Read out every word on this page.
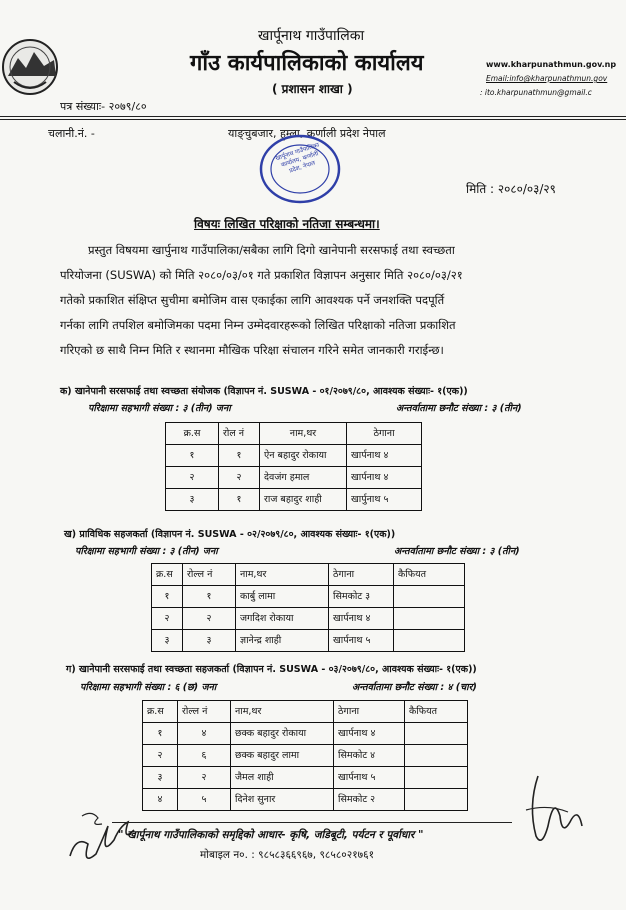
खार्पूनाथ गाउँपालिका
गाँउ कार्यपालिकाको कार्यालय
( प्रशासन शाखा )
www.kharpunathmun.gov.np
Email:info@kharpunathmun.gov
: ito.kharpunathmun@gmail.c
पत्र संख्याः- २०७९/८०
चलानी.नं. -	याङ्चुबजार, हुम्ला, कर्णाली प्रदेश नेपाल
खार्पूनाथ गाउँपालिका कार्यालय, कर्णाली प्रदेश, नेपाल
मिति : २०८०/०३/२९
विषयः लिखित परिक्षाको नतिजा सम्बन्धमा।
प्रस्तुत विषयमा खार्पुनाथ गाउँपालिका/सबैका लागि दिगो खानेपानी सरसफाई तथा स्वच्छता
परियोजना (SUSWA) को मिति २०८०/०३/०१ गते प्रकाशित विज्ञापन अनुसार मिति २०८०/०३/२१
गतेको प्रकाशित संक्षिप्त सुचीमा बमोजिम वास एकाईका लागि आवश्यक पर्ने जनशक्ति पदपूर्ति
गर्नका लागि तपशिल बमोजिमका पदमा निम्न उम्मेदवारहरूको लिखित परिक्षाको नतिजा प्रकाशित
गरिएको छ साथै निम्न मिति र स्थानमा मौखिक परिक्षा संचालन गरिने समेत जानकारी गराईन्छ।
क) खानेपानी सरसफाई तथा स्वच्छता संयोजक (विज्ञापन नं. SUSWA - ०१/२०७९/८०, आवश्यक संख्याः- १(एक))
परिक्षामा सहभागी संख्या : ३ (तीन) जना	अन्तर्वातामा छनौट संख्या : ३ (तीन)
क्र.स	रोल नं	नाम,थर	ठेगाना
१	१	ऐन बहादुर रोकाया	खार्पनाथ ४
२	२	देवजंग हमाल	खार्पनाथ ४
३	१	राज बहादुर शाही	खार्पुनाथ ५
ख) प्राविधिक सहजकर्ता (विज्ञापन नं. SUSWA - ०२/२०७९/८०, आवश्यक संख्याः- १(एक))
परिक्षामा सहभागी संख्या : ३ (तीन) जना	अन्तर्वातामा छनौट संख्या : ३ (तीन)
क्र.स	रोल्ल नं	नाम,थर	ठेगाना	कैफियत
१	१	कार्बु लामा	सिमकोट ३	
२	२	जगदिश रोकाया	खार्पनाथ ४	
३	३	ज्ञानेन्द्र शाही	खार्पनाथ ५	
ग) खानेपानी सरसफाई तथा स्वच्छता सहजकर्ता (विज्ञापन नं. SUSWA - ०३/२०७९/८०, आवश्यक संख्याः- १(एक))
परिक्षामा सहभागी संख्या : ६ (छ) जना	अन्तर्वातामा छनौट संख्या : ४ (चार)
क्र.स	रोल्ल नं	नाम,थर	ठेगाना	कैफियत
१	४	छक्क बहादुर रोकाया	खार्पनाथ ४	
२	६	छक्क बहादुर लामा	सिमकोट ४	
३	२	जैमल शाही	खार्पनाथ ५	
४	५	दिनेश सुनार	सिमकोट २	
" खार्पूनाथ गाउँपालिकाको समृद्दिको आधार- कृषि, जडिबूटी, पर्यटन र पूर्वाधार "
मोबाइल न०. : ९८५८३६६९६७, ९८५८०२१७६१
